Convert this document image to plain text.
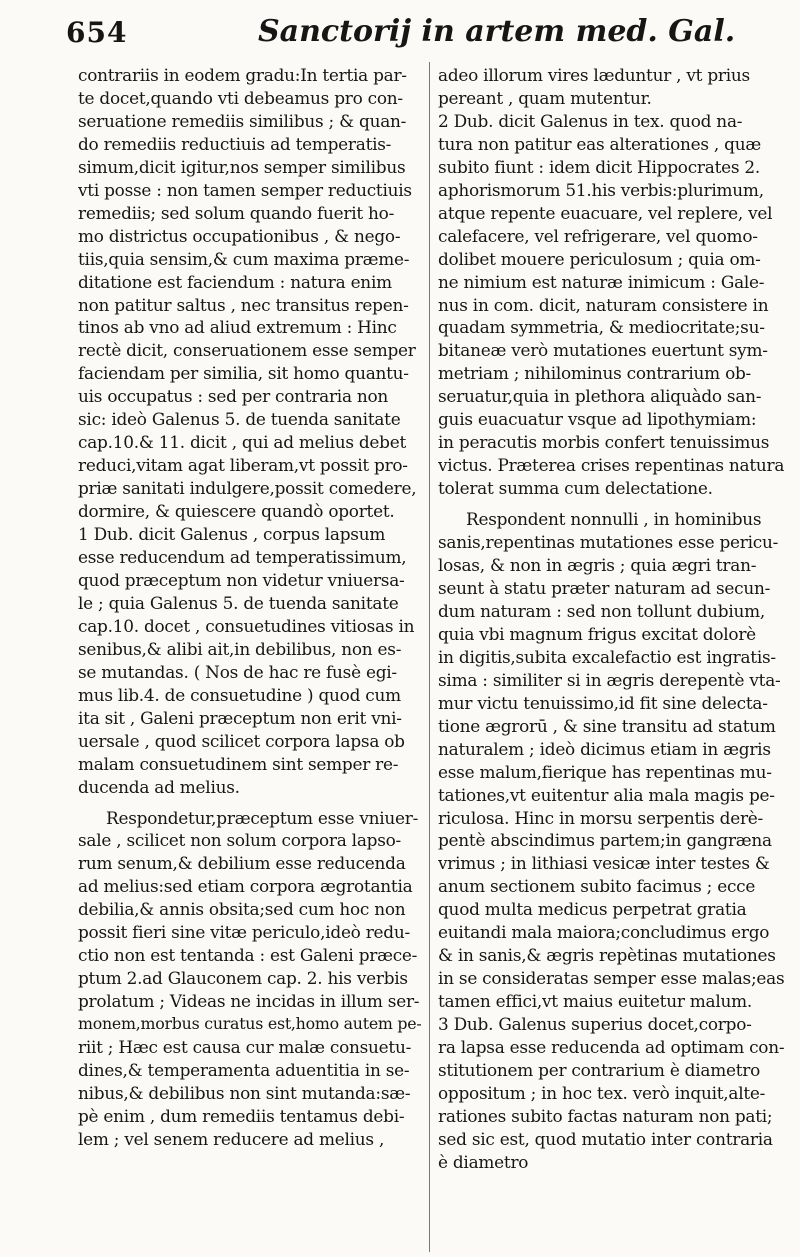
654	Sanctorij in artem med. Gal.

contrariis in eodem gradu:In tertia par-

te docet,quando vti debeamus pro con-

seruatione remediis similibus ; & quan-

do remediis reductiuis ad temperatis-

simum,dicit igitur,nos semper similibus

vti posse : non tamen semper reductiuis

remediis; sed solum quando fuerit ho-

mo districtus occupationibus , & nego-

tiis,quia sensim,& cum maxima præme-

ditatione est faciendum : natura enim

non patitur saltus , nec transitus repen-

tinos ab vno ad aliud extremum : Hinc

rectè dicit, conseruationem esse semper

faciendam per similia, sit homo quantu-

uis occupatus : sed per contraria non

sic: ideò Galenus 5. de tuenda sanitate

cap.10.& 11. dicit , qui ad melius debet

reduci,vitam agat liberam,vt possit pro-

priæ sanitati indulgere,possit comedere,

dormire, & quiescere quandò oportet.

1 Dub. dicit Galenus , corpus lapsum

esse reducendum ad temperatissimum,

quod præceptum non videtur vniuersa-

le ; quia Galenus 5. de tuenda sanitate

cap.10. docet , consuetudines vitiosas in

senibus,& alibi ait,in debilibus, non es-

se mutandas. ( Nos de hac re fusè egi-

mus lib.4. de consuetudine ) quod cum

ita sit , Galeni præceptum non erit vni-

uersale , quod scilicet corpora lapsa ob

malam consuetudinem sint semper re-

ducenda ad melius.

Respondetur,præceptum esse vniuer-

sale , scilicet non solum corpora lapso-

rum senum,& debilium esse reducenda

ad melius:sed etiam corpora ægrotantia

debilia,& annis obsita;sed cum hoc non

possit fieri sine vitæ periculo,ideò redu-

ctio non est tentanda : est Galeni præce-

ptum 2.ad Glauconem cap. 2. his verbis

prolatum ; Videas ne incidas in illum ser-

monem,morbus curatus est,homo autem pe-

riit ; Hæc est causa cur malæ consuetu-

dines,& temperamenta aduentitia in se-

nibus,& debilibus non sint mutanda:sæ-

pè enim , dum remediis tentamus debi-

lem ; vel senem reducere ad melius ,

adeo illorum vires læduntur , vt prius

pereant , quam mutentur.

2 Dub. dicit Galenus in tex. quod na-

tura non patitur eas alterationes , quæ

subito fiunt : idem dicit Hippocrates 2.

aphorismorum 51.his verbis:plurimum,

atque repente euacuare, vel replere, vel

calefacere, vel refrigerare, vel quomo-

dolibet mouere periculosum ; quia om-

ne nimium est naturæ inimicum : Gale-

nus in com. dicit, naturam consistere in

quadam symmetria, & mediocritate;su-

bitaneæ verò mutationes euertunt sym-

metriam ; nihilominus contrarium ob-

seruatur,quia in plethora aliquàdo san-

guis euacuatur vsque ad lipothymiam:

in peracutis morbis confert tenuissimus

victus. Præterea crises repentinas natura

tolerat summa cum delectatione.

Respondent nonnulli , in hominibus

sanis,repentinas mutationes esse pericu-

losas, & non in ægris ; quia ægri tran-

seunt à statu præter naturam ad secun-

dum naturam : sed non tollunt dubium,

quia vbi magnum frigus excitat dolorè

in digitis,subita excalefactio est ingratis-

sima : similiter si in ægris derepentè vta-

mur victu tenuissimo,id fit sine delecta-

tione ægrorū , & sine transitu ad statum

naturalem ; ideò dicimus etiam in ægris

esse malum,fierique has repentinas mu-

tationes,vt euitentur alia mala magis pe-

riculosa. Hinc in morsu serpentis derè-

pentè abscindimus partem;in gangræna

vrimus ; in lithiasi vesicæ inter testes &

anum sectionem subito facimus ; ecce

quod multa medicus perpetrat gratia

euitandi mala maiora;concludimus ergo

& in sanis,& ægris repètinas mutationes

in se consideratas semper esse malas;eas

tamen effici,vt maius euitetur malum.

3 Dub. Galenus superius docet,corpo-

ra lapsa esse reducenda ad optimam con-

stitutionem per contrarium è diametro

oppositum ; in hoc tex. verò inquit,alte-

rationes subito factas naturam non pati;

sed sic est, quod mutatio inter contraria

è diametro
